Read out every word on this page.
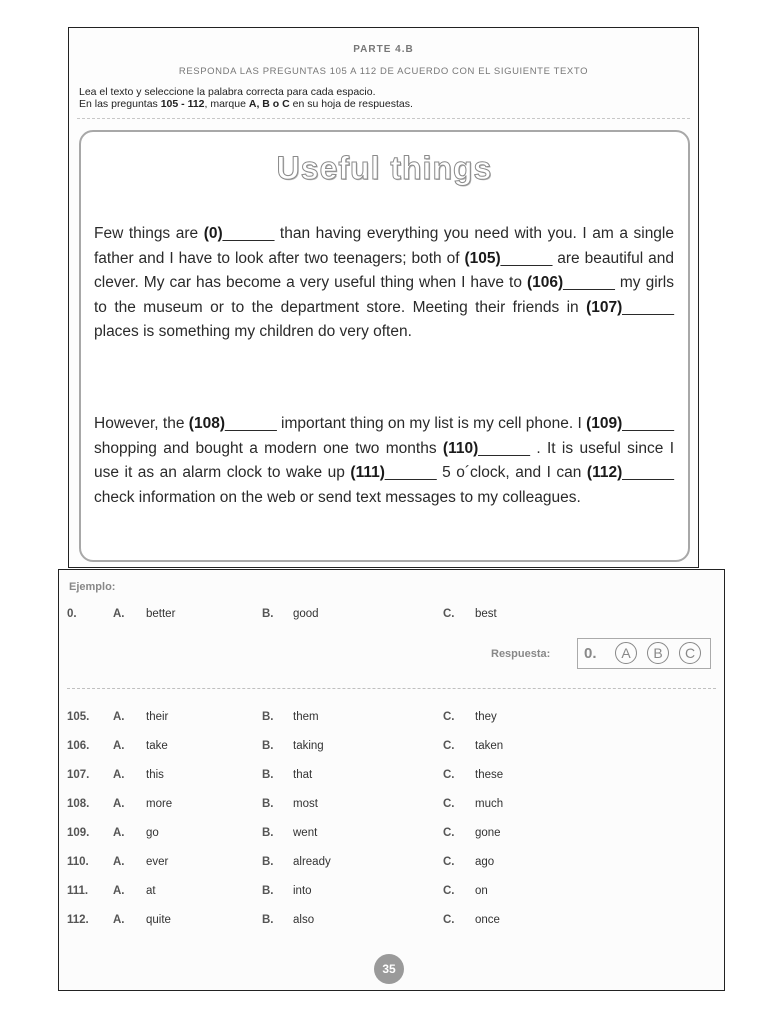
PARTE 4.B
RESPONDA LAS PREGUNTAS 105 A 112 DE ACUERDO CON EL SIGUIENTE TEXTO
Lea el texto y seleccione la palabra correcta para cada espacio.
En las preguntas 105 - 112, marque A, B o C en su hoja de respuestas.
Useful things
Few things are (0)______ than having everything you need with you. I am a single father and I have to look after two teenagers; both of (105)______ are beautiful and clever. My car has become a very useful thing when I have to (106)______ my girls to the museum or to the department store. Meeting their friends in (107)______ places is something my children do very often.
However, the (108)______ important thing on my list is my cell phone. I (109)______ shopping and bought a modern one two months (110)______ . It is useful since I use it as an alarm clock to wake up (111)______ 5 o´clock, and I can (112)______ check information on the web or send text messages to my colleagues.
Ejemplo:
0.	A. better	B. good	C. best
Respuesta: 0.	A	B	C
105. A. their	B. them	C. they
106. A. take	B. taking	C. taken
107. A. this	B. that	C. these
108. A. more	B. most	C. much
109. A. go	B. went	C. gone
110. A. ever	B. already	C. ago
111. A. at	B. into	C. on
112. A. quite	B. also	C. once
35
